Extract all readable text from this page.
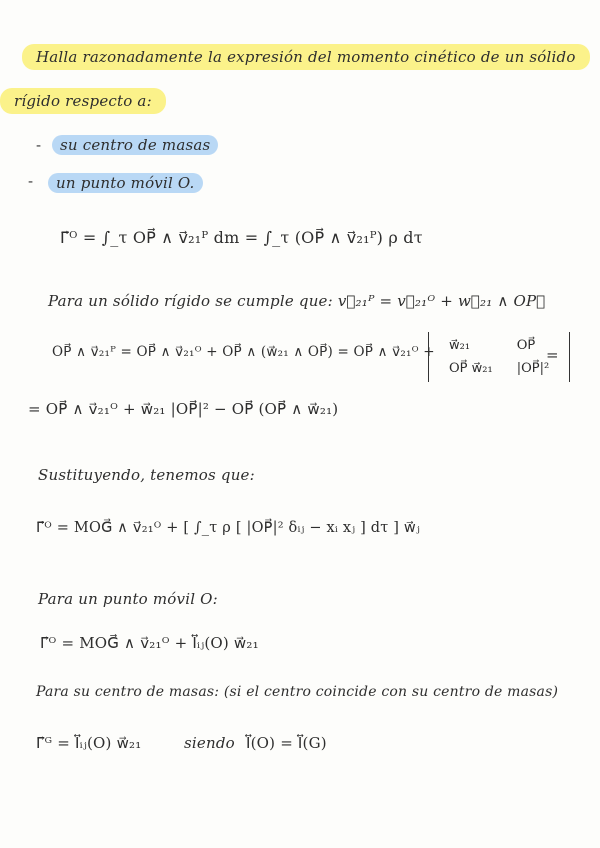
Halla razonadamente la expresión del momento cinético de un sólido
rígido respecto a:
-	su centro de masas
-	un punto móvil O.
Γ⃗ᴼ = ∫_τ OP⃗ ∧ v⃗₂₁ᴾ dm = ∫_τ (OP⃗ ∧ v⃗₂₁ᴾ) ρ dτ
Para un sólido rígido se cumple que: v⃗₂₁ᴾ = v⃗₂₁ᴼ + w⃗₂₁ ∧ OP⃗
OP⃗ ∧ v⃗₂₁ᴾ = OP⃗ ∧ v⃗₂₁ᴼ + OP⃗ ∧ (w⃗₂₁ ∧ OP⃗) = OP⃗ ∧ v⃗₂₁ᴼ + w⃗₂₁	OP⃗
OP⃗ w⃗₂₁	|OP⃗|²
=
= OP⃗ ∧ v⃗₂₁ᴼ + w⃗₂₁ |OP⃗|² − OP⃗ (OP⃗ ∧ w⃗₂₁)
Sustituyendo, tenemos que:
Γ⃗ᴼ = MOG⃗ ∧ v⃗₂₁ᴼ + [ ∫_τ ρ [ |OP⃗|² δᵢⱼ − xᵢ xⱼ ] dτ ] w⃗ⱼ
Para un punto móvil O:
Γ⃗ᴼ = MOG⃗ ∧ v⃗₂₁ᴼ + I⃡ᵢⱼ(O) w⃗₂₁
Para su centro de masas: (si el centro coincide con su centro de masas)
Γ⃗ᴳ = I⃡ᵢⱼ(O) w⃗₂₁	siendo I⃡(O) = I⃡(G)
